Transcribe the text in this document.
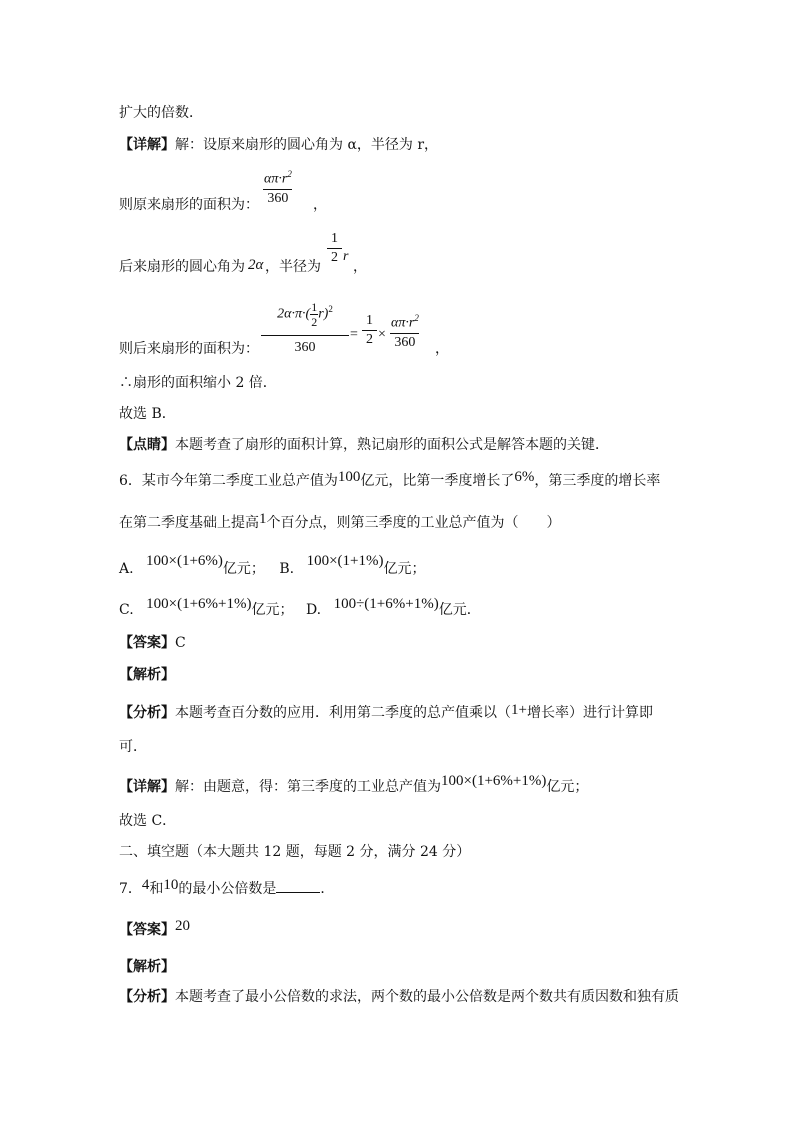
扩大的倍数．
【详解】解：设原来扇形的圆心角为 α，半径为 r，
则原来扇形的面积为： $\frac{\alpha\pi\cdot r^2}{360}$ ，
后来扇形的圆心角为 2α ，半径为
$\frac{1}{2}$ r
，
则后来扇形的面积为：
$2\alpha\cdot\pi\cdot( \frac{1}{2} r)^2$
360
= $\frac{1}{2} \times \frac{\alpha\pi\cdot r^2}{360}$ ，
∴扇形的面积缩小 2 倍．
故选 B．
【点睛】本题考查了扇形的面积计算，熟记扇形的面积公式是解答本题的关键．
6．某市今年第二季度工业总产值为100亿元，比第一季度增长了6%，第三季度的增长率
在第二季度基础上提高1个百分点，则第三季度的工业总产值为（　　）
A. 100×(1+6%)亿元； B. 100×(1+1%)亿元；
C. 100×(1+6%+1%)亿元； D. 100÷(1+6%+1%)亿元．
【答案】C
【解析】
【分析】本题考查百分数的应用．利用第二季度的总产值乘以（1+增长率）进行计算即
可．
【详解】解：由题意，得：第三季度的工业总产值为100×(1+6%+1%)亿元；
故选 C．
二、填空题（本大题共 12 题，每题 2 分，满分 24 分）
7．4和10的最小公倍数是	．
【答案】20
【解析】
【分析】本题考查了最小公倍数的求法，两个数的最小公倍数是两个数共有质因数和独有质
